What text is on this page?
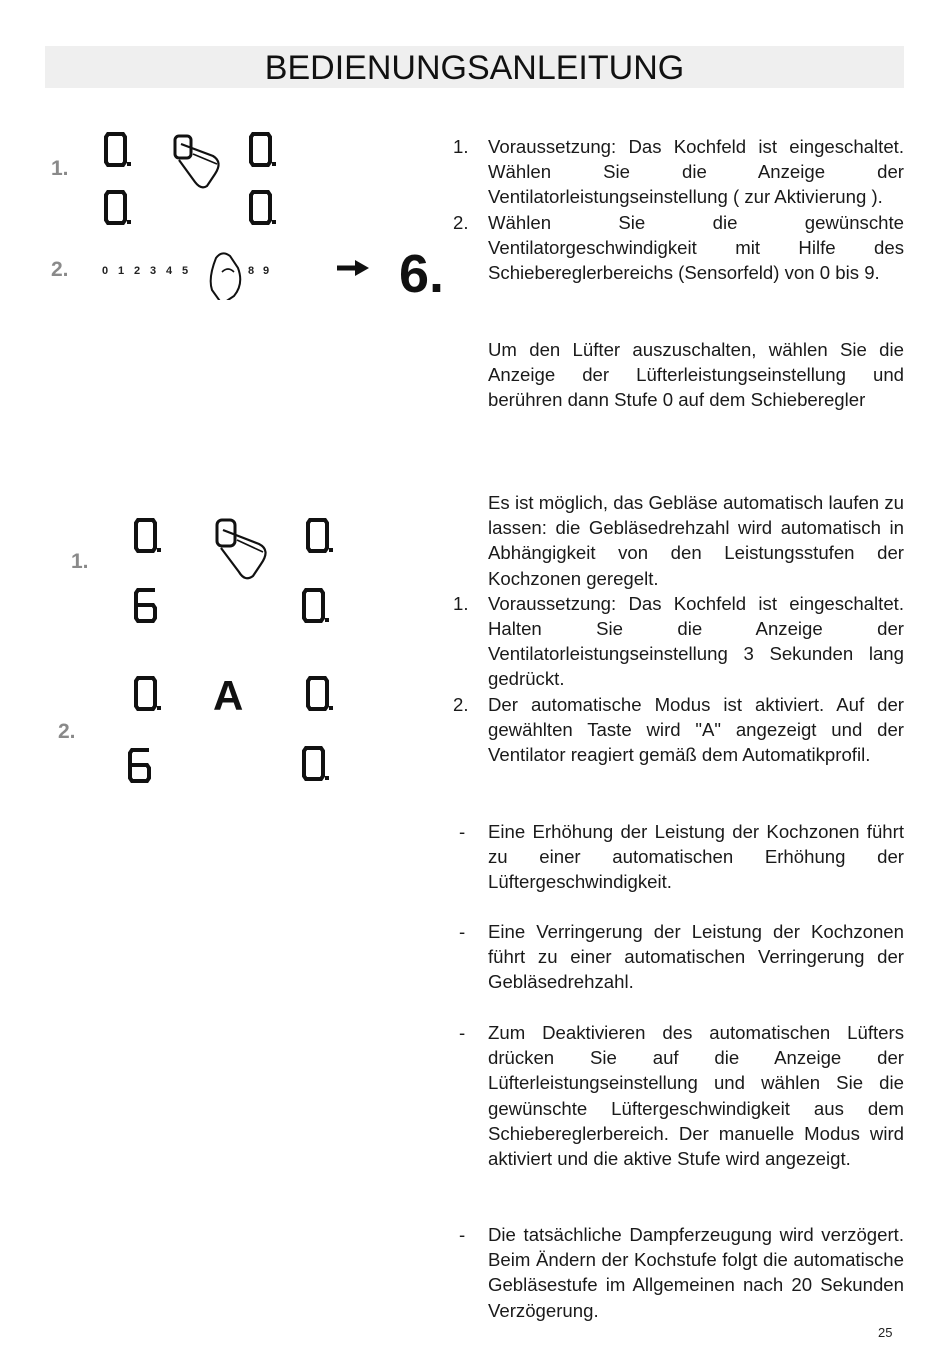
BEDIENUNGSANLEITUNG
1.
2.	0 1 2 3 4 5	8 9 6.
1.
2.
A
1. Voraussetzung: Das Kochfeld ist eingeschaltet. Wählen Sie die Anzeige der Ventilatorleistungseinstellung ( zur Aktivierung ).
2. Wählen Sie die gewünschte Ventilatorgeschwindigkeit mit Hilfe des Schiebereglerbereichs (Sensorfeld) von 0 bis 9.
Um den Lüfter auszuschalten, wählen Sie die Anzeige der Lüfterleistungseinstellung und berühren dann Stufe 0 auf dem Schieberegler
Es ist möglich, das Gebläse automatisch laufen zu lassen: die Gebläsedrehzahl wird automatisch in Abhängigkeit von den Leistungsstufen der Kochzonen geregelt.
1. Voraussetzung: Das Kochfeld ist eingeschaltet. Halten Sie die Anzeige der Ventilatorleistungseinstellung 3 Sekunden lang gedrückt.
2. Der automatische Modus ist aktiviert. Auf der gewählten Taste wird "A" angezeigt und der Ventilator reagiert gemäß dem Automatikprofil.
- Eine Erhöhung der Leistung der Kochzonen führt zu einer automatischen Erhöhung der Lüftergeschwindigkeit.
- Eine Verringerung der Leistung der Kochzonen führt zu einer automatischen Verringerung der Gebläsedrehzahl.
- Zum Deaktivieren des automatischen Lüfters drücken Sie auf die Anzeige der Lüfterleistungseinstellung und wählen Sie die gewünschte Lüftergeschwindigkeit aus dem Schiebereglerbereich. Der manuelle Modus wird aktiviert und die aktive Stufe wird angezeigt.
- Die tatsächliche Dampferzeugung wird verzögert. Beim Ändern der Kochstufe folgt die automatische Gebläsestufe im Allgemeinen nach 20 Sekunden Verzögerung.
25
